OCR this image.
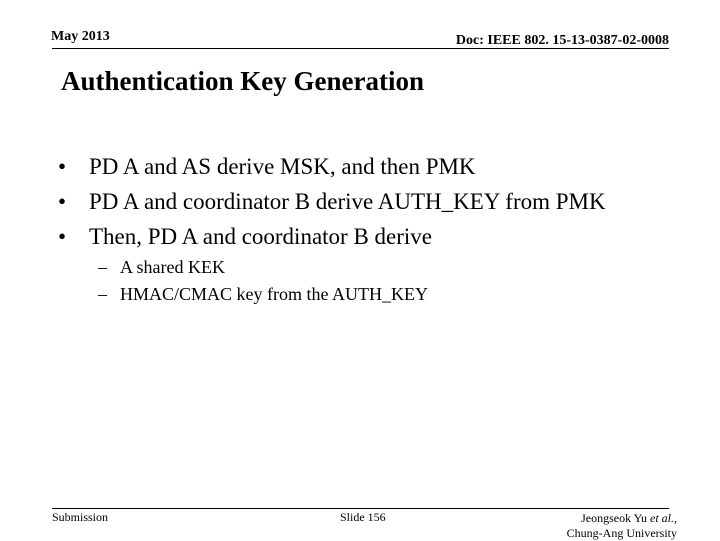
May 2013	Doc: IEEE 802. 15-13-0387-02-0008
Authentication Key Generation
• PD A and AS derive MSK, and then PMK
• PD A and coordinator B derive AUTH_KEY from PMK
• Then, PD A and coordinator B derive
– A shared KEK
– HMAC/CMAC key from the AUTH_KEY
Submission	Slide 156	Jeongseok Yu et al.,
Chung-Ang University
